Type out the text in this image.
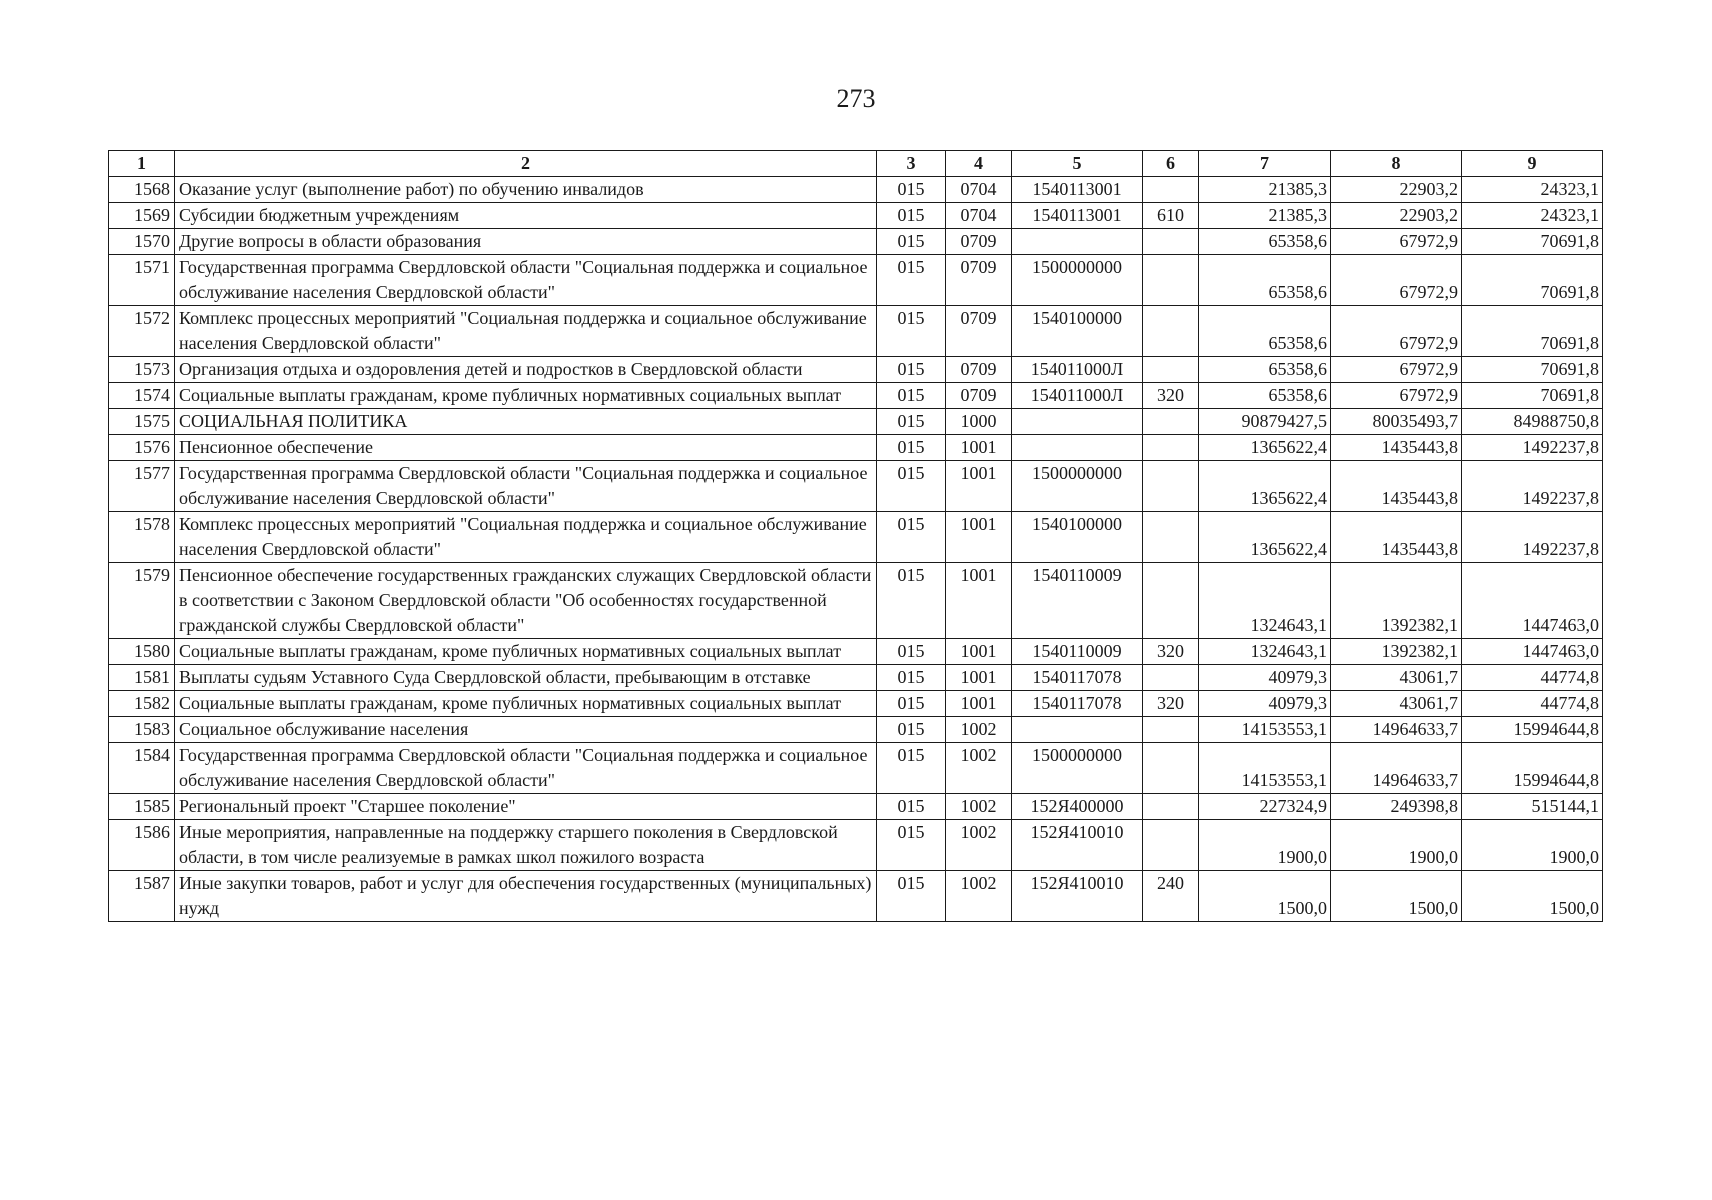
273
1	2	3	4	5	6	7	8	9
1568	Оказание услуг (выполнение работ) по обучению инвалидов	015	0704	1540113001		21385,3	22903,2	24323,1
1569	Субсидии бюджетным учреждениям	015	0704	1540113001	610	21385,3	22903,2	24323,1
1570	Другие вопросы в области образования	015	0709			65358,6	67972,9	70691,8
1571	Государственная программа Свердловской области "Социальная поддержка и социальное обслуживание населения Свердловской области"	015	0709	1500000000		65358,6	67972,9	70691,8
1572	Комплекс процессных мероприятий "Социальная поддержка и социальное обслуживание населения Свердловской области"	015	0709	1540100000		65358,6	67972,9	70691,8
1573	Организация отдыха и оздоровления детей и подростков в Свердловской области	015	0709	154011000Л		65358,6	67972,9	70691,8
1574	Социальные выплаты гражданам, кроме публичных нормативных социальных выплат	015	0709	154011000Л	320	65358,6	67972,9	70691,8
1575	СОЦИАЛЬНАЯ ПОЛИТИКА	015	1000			90879427,5	80035493,7	84988750,8
1576	Пенсионное обеспечение	015	1001			1365622,4	1435443,8	1492237,8
1577	Государственная программа Свердловской области "Социальная поддержка и социальное обслуживание населения Свердловской области"	015	1001	1500000000		1365622,4	1435443,8	1492237,8
1578	Комплекс процессных мероприятий "Социальная поддержка и социальное обслуживание населения Свердловской области"	015	1001	1540100000		1365622,4	1435443,8	1492237,8
1579	Пенсионное обеспечение государственных гражданских служащих Свердловской области в соответствии с Законом Свердловской области "Об особенностях государственной гражданской службы Свердловской области"	015	1001	1540110009		1324643,1	1392382,1	1447463,0
1580	Социальные выплаты гражданам, кроме публичных нормативных социальных выплат	015	1001	1540110009	320	1324643,1	1392382,1	1447463,0
1581	Выплаты судьям Уставного Суда Свердловской области, пребывающим в отставке	015	1001	1540117078		40979,3	43061,7	44774,8
1582	Социальные выплаты гражданам, кроме публичных нормативных социальных выплат	015	1001	1540117078	320	40979,3	43061,7	44774,8
1583	Социальное обслуживание населения	015	1002			14153553,1	14964633,7	15994644,8
1584	Государственная программа Свердловской области "Социальная поддержка и социальное обслуживание населения Свердловской области"	015	1002	1500000000		14153553,1	14964633,7	15994644,8
1585	Региональный проект "Старшее поколение"	015	1002	152Я400000		227324,9	249398,8	515144,1
1586	Иные мероприятия, направленные на поддержку старшего поколения в Свердловской области, в том числе реализуемые в рамках школ пожилого возраста	015	1002	152Я410010		1900,0	1900,0	1900,0
1587	Иные закупки товаров, работ и услуг для обеспечения государственных (муниципальных) нужд	015	1002	152Я410010	240	1500,0	1500,0	1500,0
